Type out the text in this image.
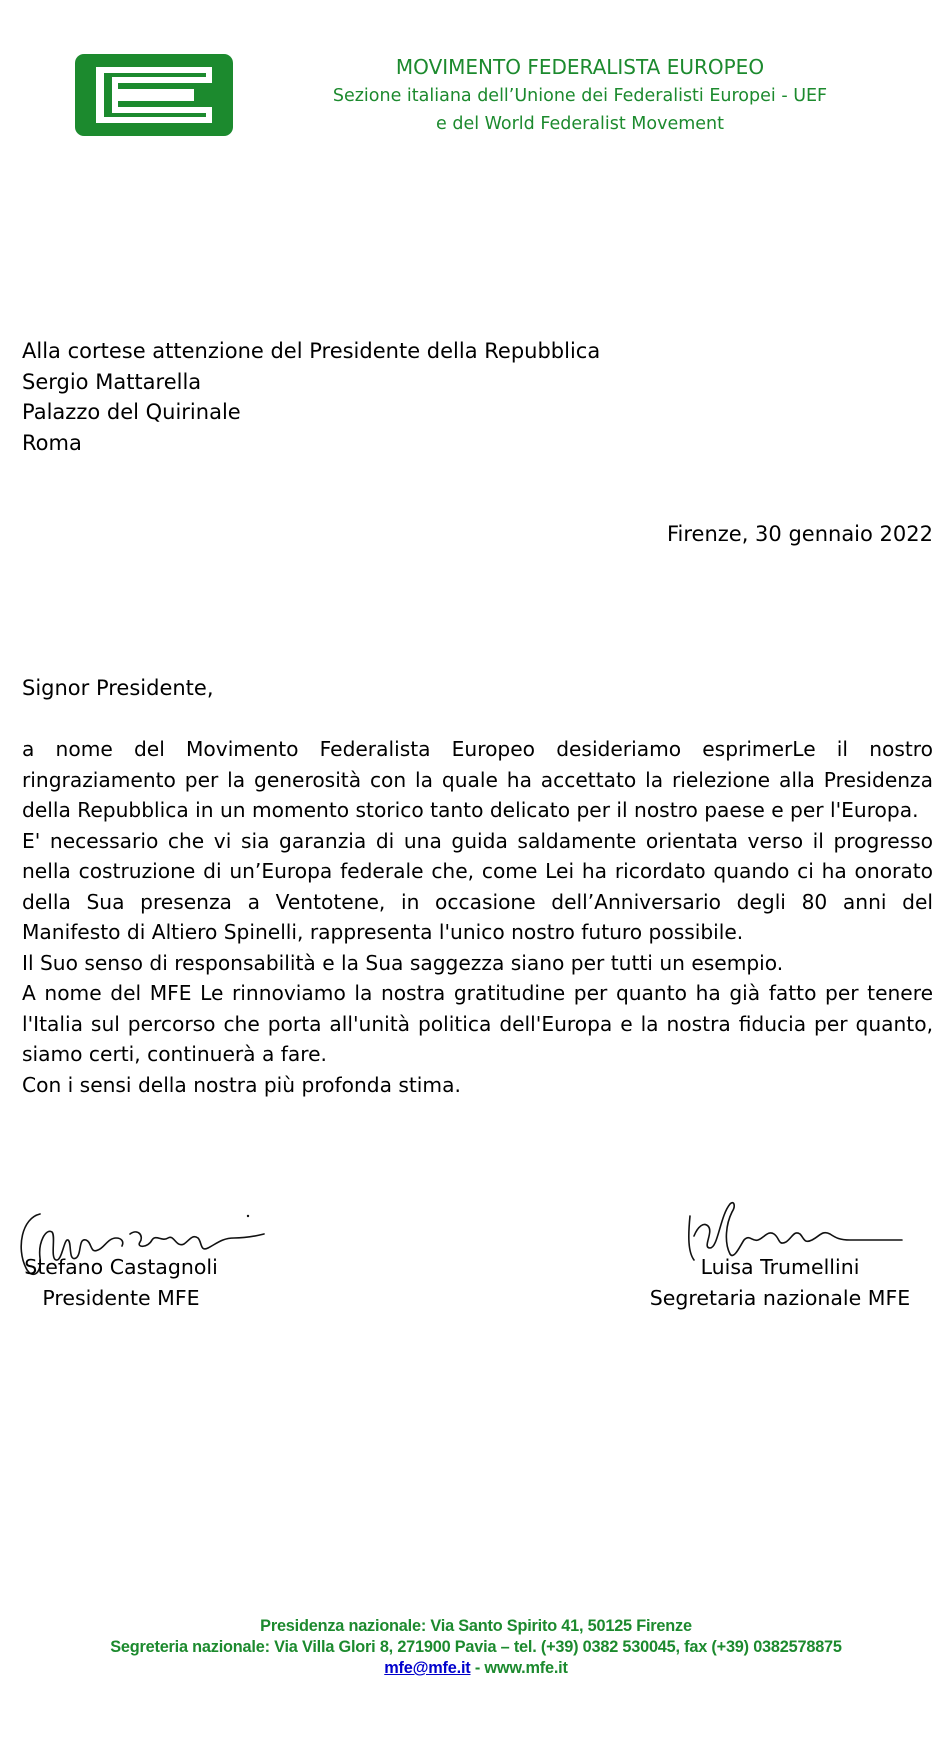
MOVIMENTO FEDERALISTA EUROPEO
Sezione italiana dell’Unione dei Federalisti Europei - UEF
e del World Federalist Movement
Alla cortese attenzione del Presidente della Repubblica
Sergio Mattarella
Palazzo del Quirinale
Roma
Firenze, 30 gennaio 2022
Signor Presidente,

a nome del Movimento Federalista Europeo desideriamo esprimerLe il nostro ringraziamento per la generosità con la quale ha accettato la rielezione alla Presidenza della Repubblica in un momento storico tanto delicato per il nostro paese e per l'Europa.

E' necessario che vi sia garanzia di una guida saldamente orientata verso il progresso nella costruzione di un’Europa federale che, come Lei ha ricordato quando ci ha onorato della Sua presenza a Ventotene, in occasione dell’Anniversario degli 80 anni del Manifesto di Altiero Spinelli, rappresenta l'unico nostro futuro possibile.

Il Suo senso di responsabilità e la Sua saggezza siano per tutti un esempio.

A nome del MFE Le rinnoviamo la nostra gratitudine per quanto ha già fatto per tenere l'Italia sul percorso che porta all'unità politica dell'Europa e la nostra fiducia per quanto, siamo certi, continuerà a fare.

Con i sensi della nostra più profonda stima.

Stefano Castagnoli
Presidente MFE
Luisa Trumellini
Segretaria nazionale MFE
Presidenza nazionale: Via Santo Spirito 41, 50125 Firenze
Segreteria nazionale: Via Villa Glori 8, 271900 Pavia – tel. (+39) 0382 530045, fax (+39) 0382578875
mfe@mfe.it - www.mfe.it
